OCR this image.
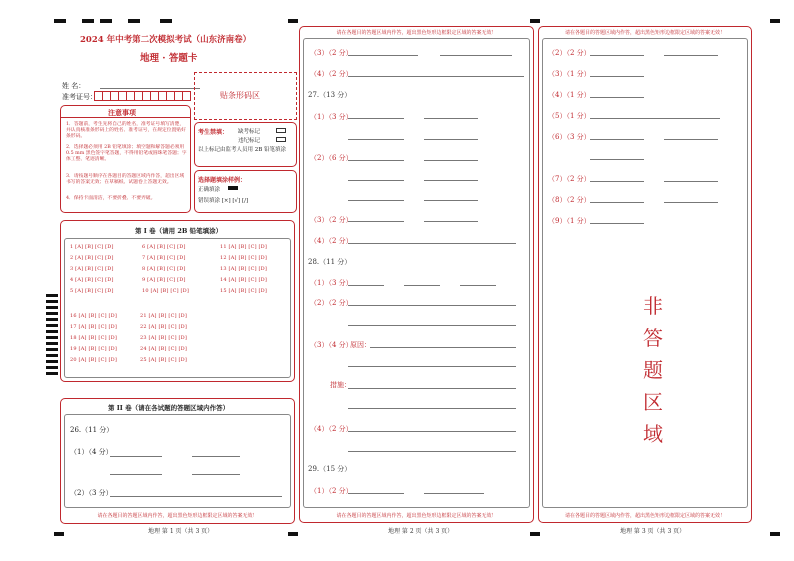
2024 年中考第二次模拟考试（山东济南卷）
地理 · 答题卡
姓 名：
准考证号：	贴条形码区
注意事项
1．答题前，考生先将自己的姓名，准考证号填写清楚，并认真核准条形码上的姓名、准考证号，在规定位置贴好条形码。
2．选择题必须用 2B 铅笔填涂；填空题和解答题必须用 0.5 mm 黑色签字笔答题，不得用铅笔或圆珠笔答题；字体工整、笔迹清晰。
3．请按题号顺序在各题目的答题区域内作答，超出区域书写的答案无效；在草稿纸、试题卷上答题无效。
4．保持卡面清洁，不要折叠、不要弄破。
考生禁填： 缺考标记
违纪标记
以上标记由监考人员用 2B 铅笔填涂
选择题填涂样例：
正确填涂
错误填涂 [×] [√] [/]
第 I 卷（请用 2B 铅笔填涂）
1 [A] [B] [C] [D]
2 [A] [B] [C] [D]
3 [A] [B] [C] [D]
4 [A] [B] [C] [D]
5 [A] [B] [C] [D]
6 [A] [B] [C] [D]
7 [A] [B] [C] [D]
8 [A] [B] [C] [D]
9 [A] [B] [C] [D]
10 [A] [B] [C] [D]
11 [A] [B] [C] [D]
12 [A] [B] [C] [D]
13 [A] [B] [C] [D]
14 [A] [B] [C] [D]
15 [A] [B] [C] [D]
16 [A] [B] [C] [D]
17 [A] [B] [C] [D]
18 [A] [B] [C] [D]
19 [A] [B] [C] [D]
20 [A] [B] [C] [D]
21 [A] [B] [C] [D]
22 [A] [B] [C] [D]
23 [A] [B] [C] [D]
24 [A] [B] [C] [D]
25 [A] [B] [C] [D]
第 II 卷（请在各试题的答题区域内作答）
26.（11 分）
（1）（4 分）
（2）（3 分）
请在各题目的答题区域内作答，超出黑色矩形边框限定区域的答案无效！
地理 第 1 页（共 3 页）
请在各题目的答题区域内作答，超出黑色矩形边框限定区域的答案无效！
（3）（2 分）
（4）（2 分）
27.（13 分）
（1）（3 分）
（2）（6 分）
（3）（2 分）
（4）（2 分）
28.（11 分）
（1）（3 分）
（2）（2 分）
（3）（4 分）
原因：
措施：
（4）（2 分）
29.（15 分）
（1）（2 分）
请在各题目的答题区域内作答，超出黑色矩形边框限定区域的答案无效！
地理 第 2 页（共 3 页）
请在各题目的答题区域内作答，超出黑色矩形边框限定区域的答案无效！
（2）（2 分）
（3）（1 分）
（4）（1 分）
（5）（1 分）
（6）（3 分）
（7）（2 分）
（8）（2 分）
（9）（1 分）
非
答
题
区
域
请在各题目的答题区域内作答，超出黑色矩形边框限定区域的答案无效！
地理 第 3 页（共 3 页）
